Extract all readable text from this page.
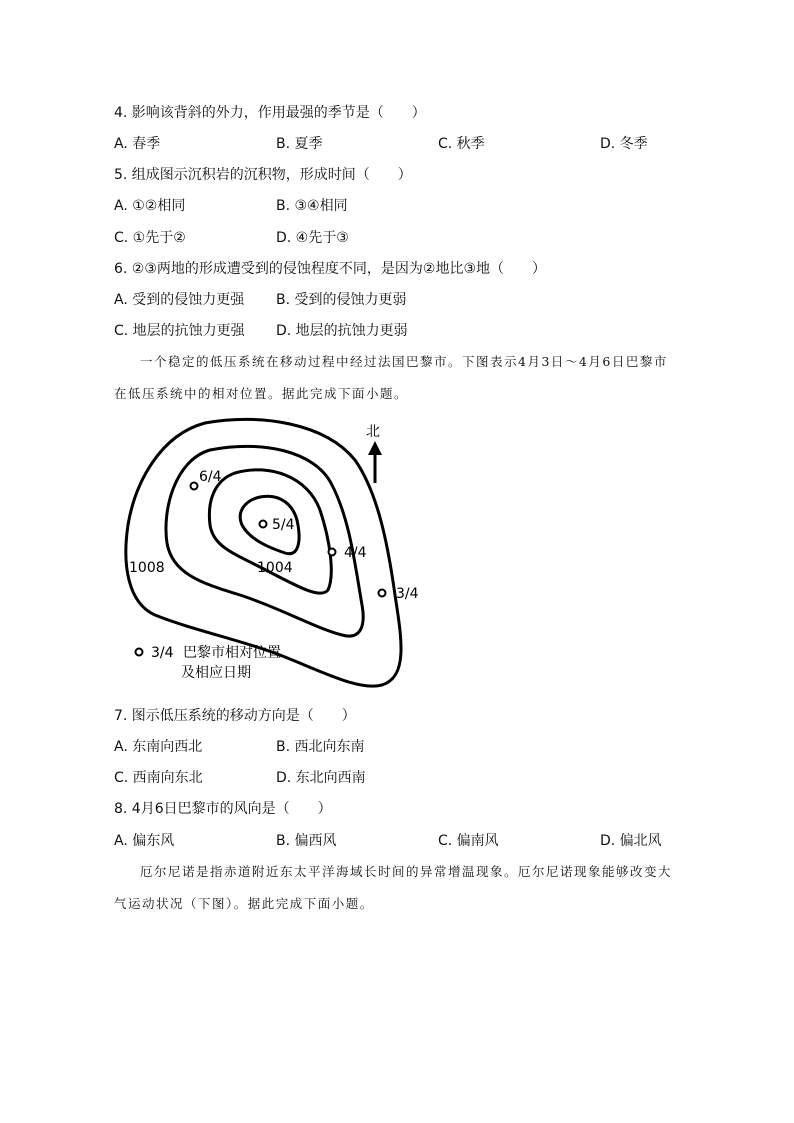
4. 影响该背斜的外力，作用最强的季节是（　　）
A. 春季	B. 夏季	C. 秋季	D. 冬季
5. 组成图示沉积岩的沉积物，形成时间（　　）
A. ①②相同	B. ③④相同
C. ①先于②	D. ④先于③
6. ②③两地的形成遭受到的侵蚀程度不同，是因为②地比③地（　　）
A. 受到的侵蚀力更强 B. 受到的侵蚀力更弱
C. 地层的抗蚀力更强 D. 地层的抗蚀力更弱
一个稳定的低压系统在移动过程中经过法国巴黎市。下图表示4月3日～4月6日巴黎市
在低压系统中的相对位置。据此完成下面小题。
1008	1004
6/4
5/4
4/4
3/4
北
3/4 巴黎市相对位置
及相应日期
7. 图示低压系统的移动方向是（　　）
A. 东南向西北	B. 西北向东南
C. 西南向东北	D. 东北向西南
8. 4月6日巴黎市的风向是（　　）
A. 偏东风	B. 偏西风	C. 偏南风	D. 偏北风
厄尔尼诺是指赤道附近东太平洋海域长时间的异常增温现象。厄尔尼诺现象能够改变大
气运动状况（下图）。据此完成下面小题。
